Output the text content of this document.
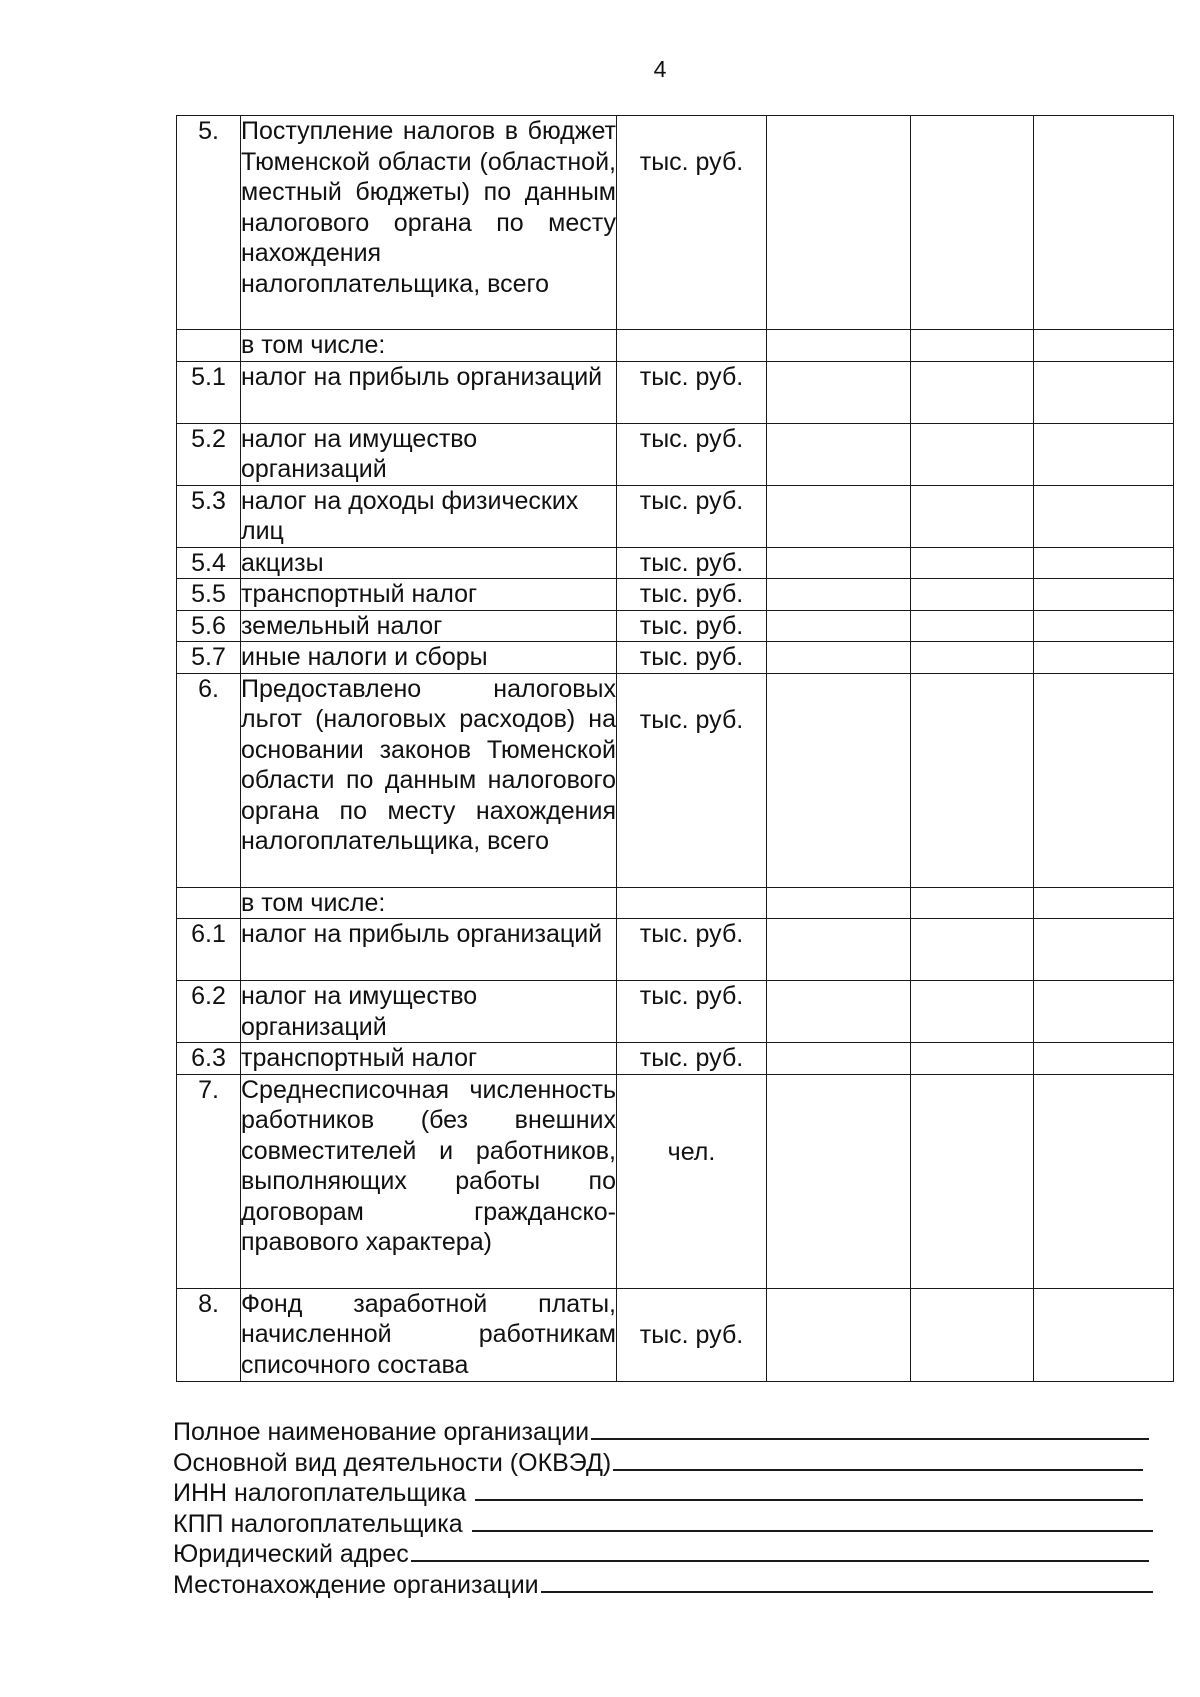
4
5.	Поступление налогов в бюджет Тюменской области (областной, местный бюджеты) по данным налогового органа по месту нахождения налогоплательщика, всего	тыс. руб.			
	в том числе:				
5.1	налог на прибыль организаций	тыс. руб.			
5.2	налог на имущество организаций	тыс. руб.			
5.3	налог на доходы физических лиц	тыс. руб.			
5.4	акцизы	тыс. руб.			
5.5	транспортный налог	тыс. руб.			
5.6	земельный налог	тыс. руб.			
5.7	иные налоги и сборы	тыс. руб.			
6.	Предоставлено налоговых льгот (налоговых расходов) на основании законов Тюменской области по данным налогового органа по месту нахождения налогоплательщика, всего	тыс. руб.			
	в том числе:				
6.1	налог на прибыль организаций	тыс. руб.			
6.2	налог на имущество организаций	тыс. руб.			
6.3	транспортный налог	тыс. руб.			
7.	Среднесписочная численность работников (без внешних совместителей и работников, выполняющих работы по договорам гражданско-правового характера)	чел.			
8.	Фонд заработной платы, начисленной работникам списочного состава	тыс. руб.			
Полное наименование организации
Основной вид деятельности (ОКВЭД)
ИНН налогоплательщика
КПП налогоплательщика
Юридический адрес
Местонахождение организации
